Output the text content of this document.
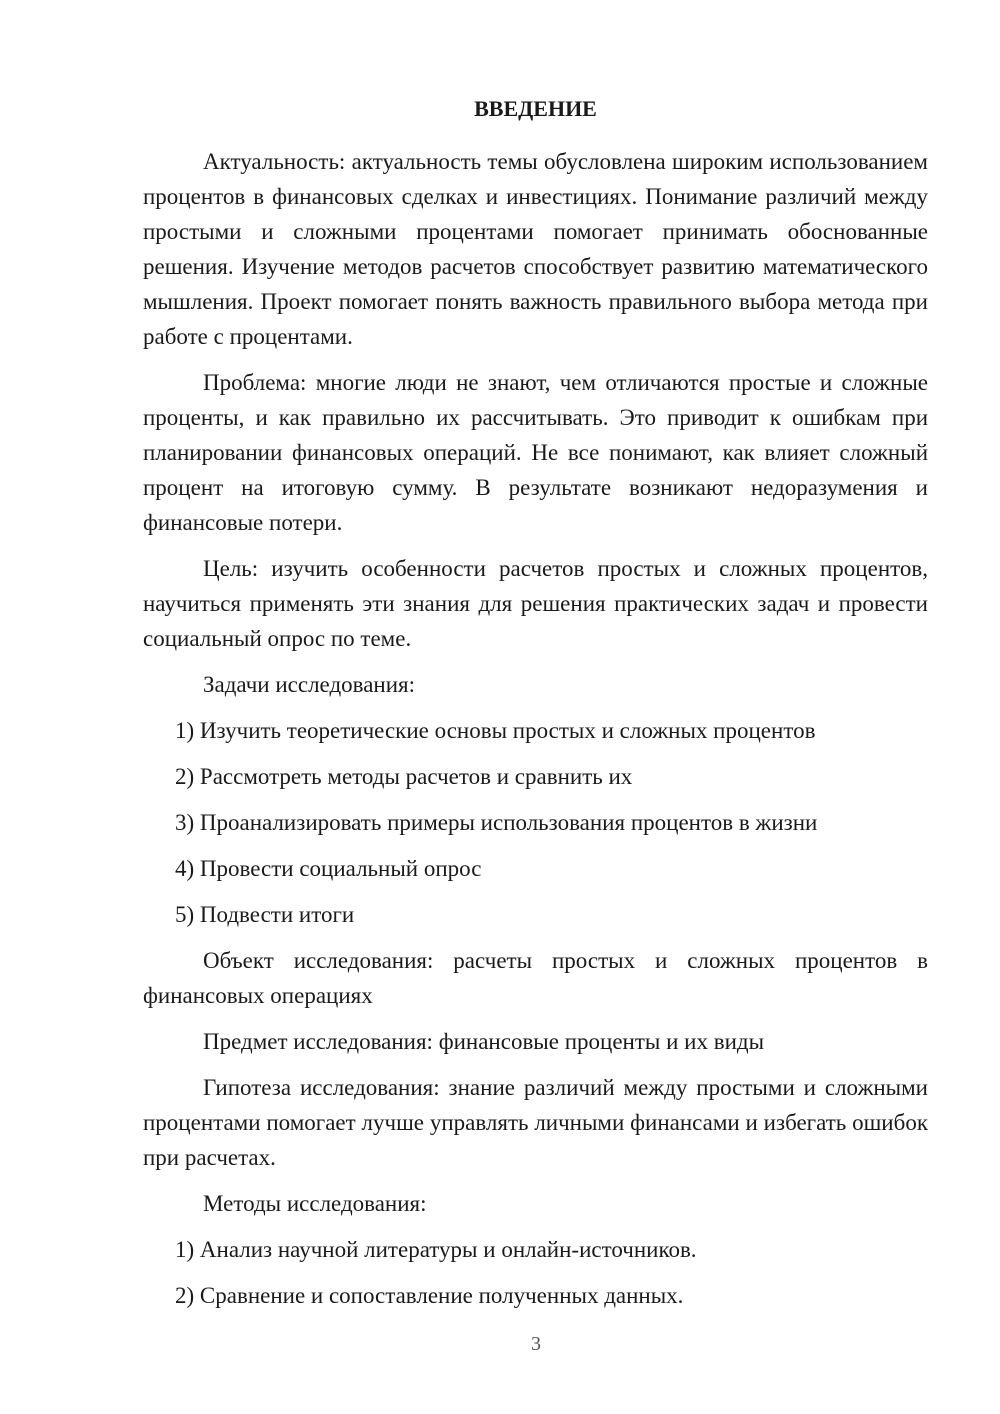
ВВЕДЕНИЕ

Актуальность: актуальность темы обусловлена широким использованием процентов в финансовых сделках и инвестициях. Понимание различий между простыми и сложными процентами помогает принимать обоснованные решения. Изучение методов расчетов способствует развитию математического мышления. Проект помогает понять важность правильного выбора метода при работе с процентами.

Проблема: многие люди не знают, чем отличаются простые и сложные проценты, и как правильно их рассчитывать. Это приводит к ошибкам при планировании финансовых операций. Не все понимают, как влияет сложный процент на итоговую сумму. В результате возникают недоразумения и финансовые потери.

Цель: изучить особенности расчетов простых и сложных процентов, научиться применять эти знания для решения практических задач и провести социальный опрос по теме.

Задачи исследования:

1) Изучить теоретические основы простых и сложных процентов

2) Рассмотреть методы расчетов и сравнить их

3) Проанализировать примеры использования процентов в жизни

4) Провести социальный опрос

5) Подвести итоги

Объект исследования: расчеты простых и сложных процентов в финансовых операциях

Предмет исследования: финансовые проценты и их виды

Гипотеза исследования: знание различий между простыми и сложными процентами помогает лучше управлять личными финансами и избегать ошибок при расчетах.

Методы исследования:

1) Анализ научной литературы и онлайн-источников.

2) Сравнение и сопоставление полученных данных.

3
